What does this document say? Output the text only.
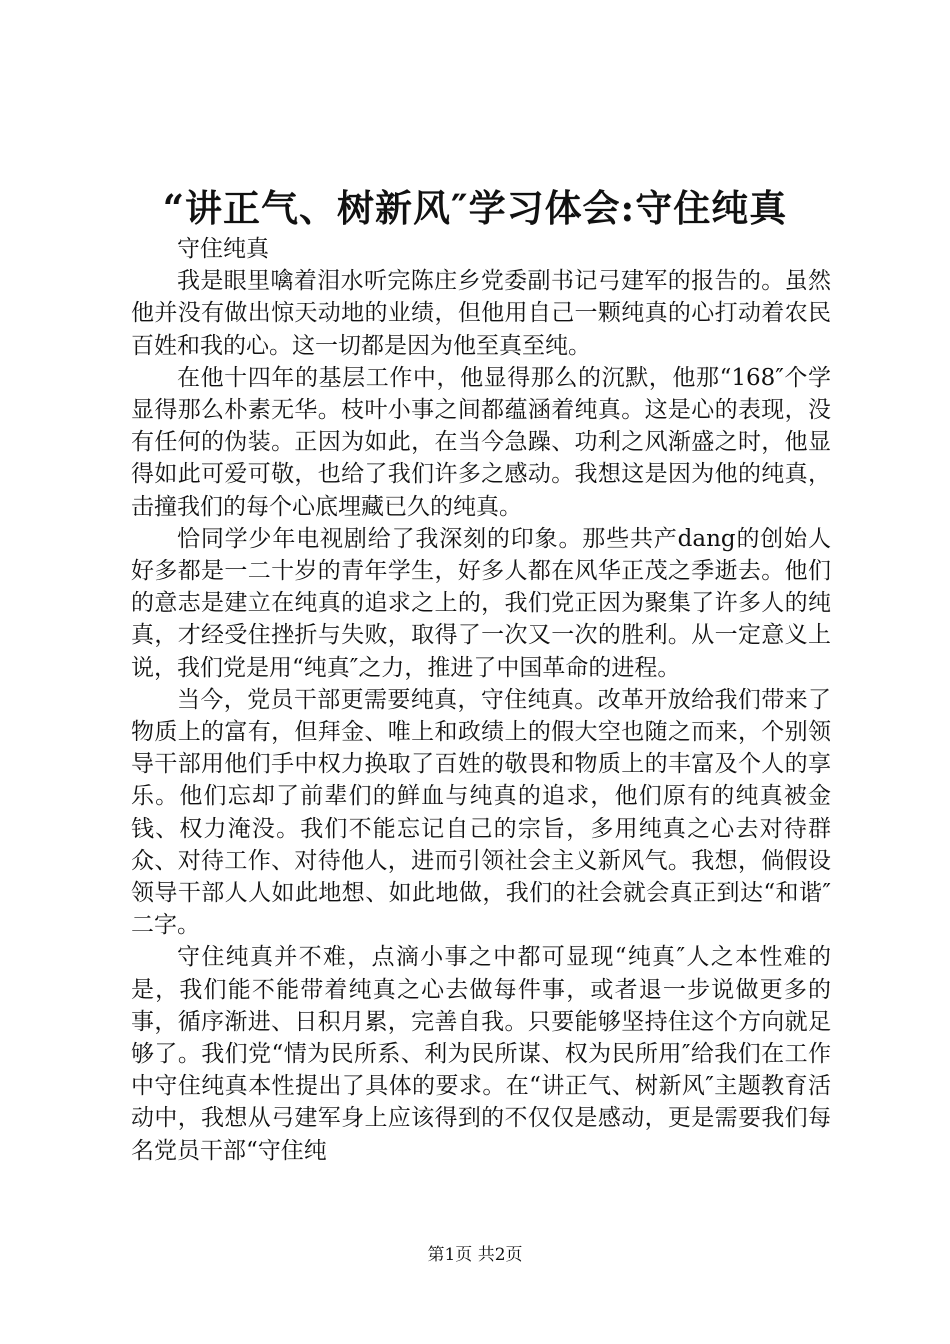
“讲正气、树新风″学习体会:守住纯真

守住纯真

我是眼里噙着泪水听完陈庄乡党委副书记弓建军的报告的。虽然他并没有做出惊天动地的业绩，但他用自己一颗纯真的心打动着农民百姓和我的心。这一切都是因为他至真至纯。

在他十四年的基层工作中，他显得那么的沉默，他那“168″个学显得那么朴素无华。枝叶小事之间都蕴涵着纯真。这是心的表现，没有任何的伪装。正因为如此，在当今急躁、功利之风渐盛之时，他显得如此可爱可敬，也给了我们许多之感动。我想这是因为他的纯真，击撞我们的每个心底埋藏已久的纯真。

恰同学少年电视剧给了我深刻的印象。那些共产dang的创始人好多都是一二十岁的青年学生，好多人都在风华正茂之季逝去。他们的意志是建立在纯真的追求之上的，我们党正因为聚集了许多人的纯真，才经受住挫折与失败，取得了一次又一次的胜利。从一定意义上说，我们党是用“纯真″之力，推进了中国革命的进程。

当今，党员干部更需要纯真，守住纯真。改革开放给我们带来了物质上的富有，但拜金、唯上和政绩上的假大空也随之而来，个别领导干部用他们手中权力换取了百姓的敬畏和物质上的丰富及个人的享乐。他们忘却了前辈们的鲜血与纯真的追求，他们原有的纯真被金钱、权力淹没。我们不能忘记自己的宗旨，多用纯真之心去对待群众、对待工作、对待他人，进而引领社会主义新风气。我想，倘假设领导干部人人如此地想、如此地做，我们的社会就会真正到达“和谐″二字。

守住纯真并不难，点滴小事之中都可显现“纯真″人之本性难的是，我们能不能带着纯真之心去做每件事，或者退一步说做更多的事，循序渐进、日积月累，完善自我。只要能够坚持住这个方向就足够了。我们党“情为民所系、利为民所谋、权为民所用″给我们在工作中守住纯真本性提出了具体的要求。在“讲正气、树新风″主题教育活动中，我想从弓建军身上应该得到的不仅仅是感动，更是需要我们每名党员干部“守住纯

第1页 共2页
